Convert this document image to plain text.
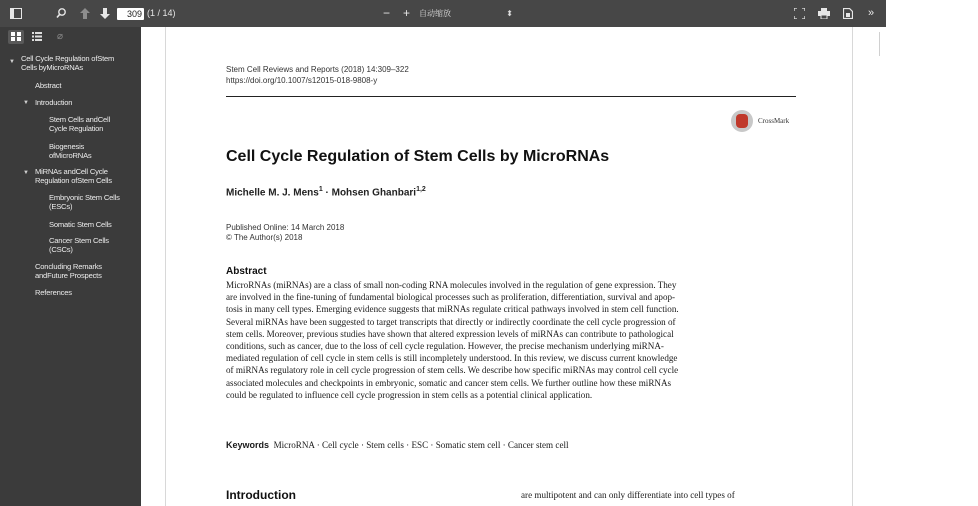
309 (1 / 14)	− + 自动缩放	⬍	»
⌀
▼ Cell Cycle Regulation ofStem
Cells byMicroRNAs
Abstract
▼ Introduction
Stem Cells andCell
Cycle Regulation
Biogenesis
ofMicroRNAs
▼ MiRNAs andCell Cycle
Regulation ofStem Cells
Embryonic Stem Cells
(ESCs)
Somatic Stem Cells
Cancer Stem Cells
(CSCs)
Concluding Remarks
andFuture Prospects
References
Stem Cell Reviews and Reports (2018) 14:309–322
https://doi.org/10.1007/s12015-018-9808-y
CrossMark
Cell Cycle Regulation of Stem Cells by MicroRNAs
Michelle M. J. Mens$^1$ · Mohsen Ghanbari$^{1,2}$
Published Online: 14 March 2018
© The Author(s) 2018
Abstract
MicroRNAs (miRNAs) are a class of small non-coding RNA molecules involved in the regulation of gene expression. They
are involved in the fine-tuning of fundamental biological processes such as proliferation, differentiation, survival and apop-
tosis in many cell types. Emerging evidence suggests that miRNAs regulate critical pathways involved in stem cell function.
Several miRNAs have been suggested to target transcripts that directly or indirectly coordinate the cell cycle progression of
stem cells. Moreover, previous studies have shown that altered expression levels of miRNAs can contribute to pathological
conditions, such as cancer, due to the loss of cell cycle regulation. However, the precise mechanism underlying miRNA-
mediated regulation of cell cycle in stem cells is still incompletely understood. In this review, we discuss current knowledge
of miRNAs regulatory role in cell cycle progression of stem cells. We describe how specific miRNAs may control cell cycle
associated molecules and checkpoints in embryonic, somatic and cancer stem cells. We further outline how these miRNAs
could be regulated to influence cell cycle progression in stem cells as a potential clinical application.
Keywords MicroRNA · Cell cycle · Stem cells · ESC · Somatic stem cell · Cancer stem cell
Introduction	are multipotent and can only differentiate into cell types of
